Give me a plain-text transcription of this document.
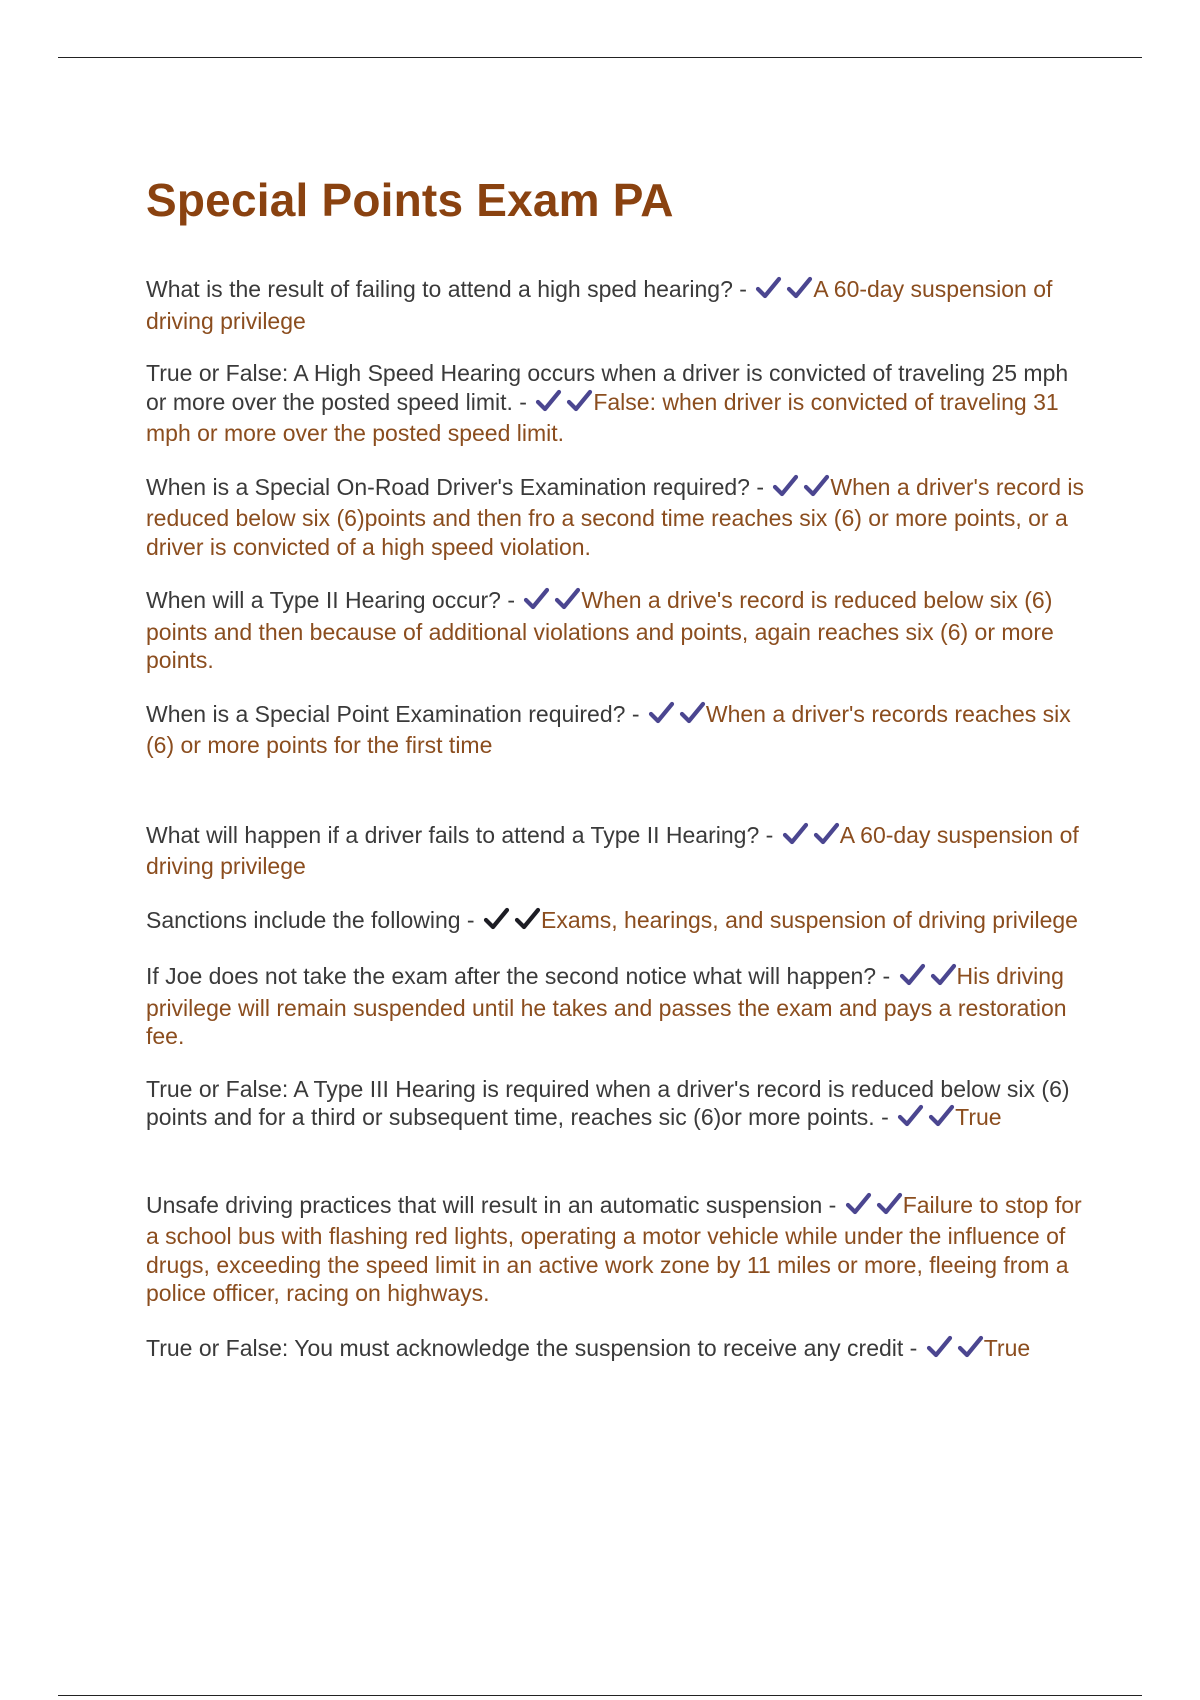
Special Points Exam PA

What is the result of failing to attend a high sped hearing? -	A 60-day suspension of driving privilege

True or False: A High Speed Hearing occurs when a driver is convicted of traveling 25 mph or more over the posted speed limit. -	False: when driver is convicted of traveling 31 mph or more over the posted speed limit.

When is a Special On-Road Driver's Examination required? -	When a driver's record is reduced below six (6)points and then fro a second time reaches six (6) or more points, or a driver is convicted of a high speed violation.

When will a Type II Hearing occur? -	When a drive's record is reduced below six (6) points and then because of additional violations and points, again reaches six (6) or more points.

When is a Special Point Examination required? -	When a driver's records reaches six (6) or more points for the first time

What will happen if a driver fails to attend a Type II Hearing? -	A 60-day suspension of driving privilege

Sanctions include the following -	Exams, hearings, and suspension of driving privilege

If Joe does not take the exam after the second notice what will happen? -	His driving privilege will remain suspended until he takes and passes the exam and pays a restoration fee.

True or False: A Type III Hearing is required when a driver's record is reduced below six (6) points and for a third or subsequent time, reaches sic (6)or more points. -	True

Unsafe driving practices that will result in an automatic suspension -	Failure to stop for a school bus with flashing red lights, operating a motor vehicle while under the influence of drugs, exceeding the speed limit in an active work zone by 11 miles or more, fleeing from a police officer, racing on highways.

True or False: You must acknowledge the suspension to receive any credit -	True
